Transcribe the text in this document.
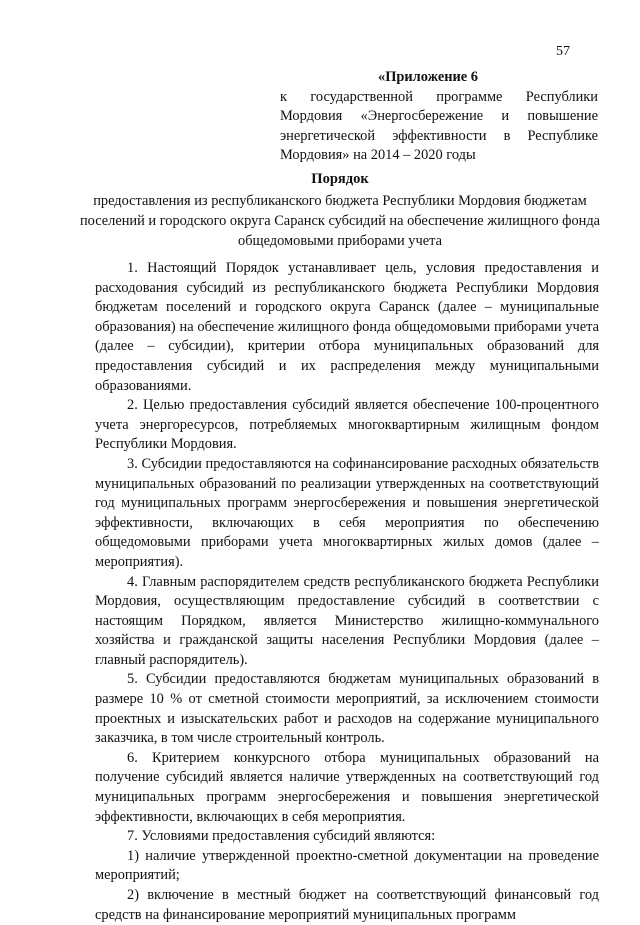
57
«Приложение 6
к государственной программе Республики Мордовия «Энергосбережение и повышение энергетической эффективности в Республике Мордовия» на 2014 – 2020 годы
Порядок
предоставления из республиканского бюджета Республики Мордовия бюджетам поселений и городского округа Саранск субсидий на обеспечение жилищного фонда общедомовыми приборами учета

1. Настоящий Порядок устанавливает цель, условия предоставления и расходования субсидий из республиканского бюджета Республики Мордовия бюджетам поселений и городского округа Саранск (далее – муниципальные образования) на обеспечение жилищного фонда общедомовыми приборами учета (далее – субсидии), критерии отбора муниципальных образований для предоставления субсидий и их распределения между муниципальными образованиями.

2. Целью предоставления субсидий является обеспечение 100-процентного учета энергоресурсов, потребляемых многоквартирным жилищным фондом Республики Мордовия.

3. Субсидии предоставляются на софинансирование расходных обязательств муниципальных образований по реализации утвержденных на соответствующий год муниципальных программ энергосбережения и повышения энергетической эффективности, включающих в себя мероприятия по обеспечению общедомовыми приборами учета многоквартирных жилых домов (далее – мероприятия).

4. Главным распорядителем средств республиканского бюджета Республики Мордовия, осуществляющим предоставление субсидий в соответствии с настоящим Порядком, является Министерство жилищно-коммунального хозяйства и гражданской защиты населения Республики Мордовия (далее – главный распорядитель).

5. Субсидии предоставляются бюджетам муниципальных образований в размере 10 % от сметной стоимости мероприятий, за исключением стоимости проектных и изыскательских работ и расходов на содержание муниципального заказчика, в том числе строительный контроль.

6. Критерием конкурсного отбора муниципальных образований на получение субсидий является наличие утвержденных на соответствующий год муниципальных программ энергосбережения и повышения энергетической эффективности, включающих в себя мероприятия.

7. Условиями предоставления субсидий являются:

1) наличие утвержденной проектно-сметной документации на проведение мероприятий;

2) включение в местный бюджет на соответствующий финансовый год средств на финансирование мероприятий муниципальных программ
